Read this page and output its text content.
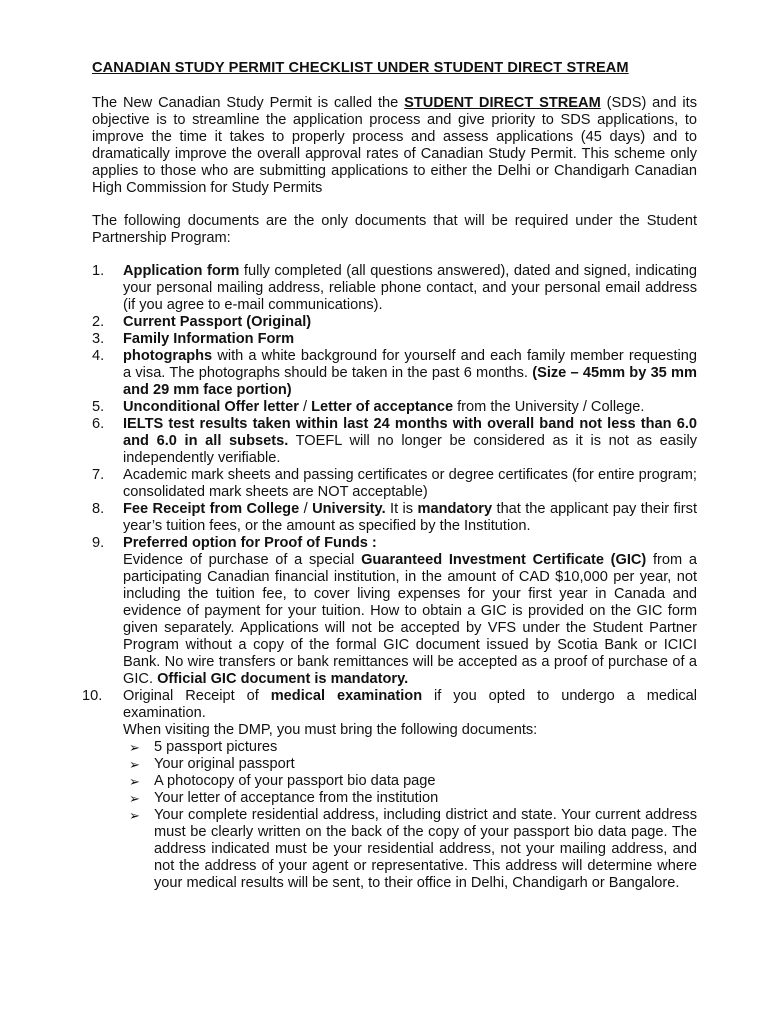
CANADIAN STUDY PERMIT CHECKLIST UNDER STUDENT DIRECT STREAM

The New Canadian Study Permit is called the STUDENT DIRECT STREAM (SDS) and its objective is to streamline the application process and give priority to SDS applications, to improve the time it takes to properly process and assess applications (45 days) and to dramatically improve the overall approval rates of Canadian Study Permit. This scheme only applies to those who are submitting applications to either the Delhi or Chandigarh Canadian High Commission for Study Permits

The following documents are the only documents that will be required under the Student Partnership Program:

1. Application form fully completed (all questions answered), dated and signed, indicating your personal mailing address, reliable phone contact, and your personal email address (if you agree to e-mail communications).
2. Current Passport (Original)
3. Family Information Form
4. photographs with a white background for yourself and each family member requesting a visa. The photographs should be taken in the past 6 months. (Size – 45mm by 35 mm and 29 mm face portion)
5. Unconditional Offer letter / Letter of acceptance from the University / College.
6. IELTS test results taken within last 24 months with overall band not less than 6.0 and 6.0 in all subsets. TOEFL will no longer be considered as it is not as easily independently verifiable.
7. Academic mark sheets and passing certificates or degree certificates (for entire program; consolidated mark sheets are NOT acceptable)
8. Fee Receipt from College / University. It is mandatory that the applicant pay their first year’s tuition fees, or the amount as specified by the Institution.
9. Preferred option for Proof of Funds :
Evidence of purchase of a special Guaranteed Investment Certificate (GIC) from a participating Canadian financial institution, in the amount of CAD $10,000 per year, not including the tuition fee, to cover living expenses for your first year in Canada and evidence of payment for your tuition. How to obtain a GIC is provided on the GIC form given separately. Applications will not be accepted by VFS under the Student Partner Program without a copy of the formal GIC document issued by Scotia Bank or ICICI Bank. No wire transfers or bank remittances will be accepted as a proof of purchase of a GIC. Official GIC document is mandatory.
10. Original Receipt of medical examination if you opted to undergo a medical examination.
When visiting the DMP, you must bring the following documents:
➢ 5 passport pictures
➢ Your original passport
➢ A photocopy of your passport bio data page
➢ Your letter of acceptance from the institution
➢ Your complete residential address, including district and state. Your current address must be clearly written on the back of the copy of your passport bio data page. The address indicated must be your residential address, not your mailing address, and not the address of your agent or representative. This address will determine where your medical results will be sent, to their office in Delhi, Chandigarh or Bangalore.
